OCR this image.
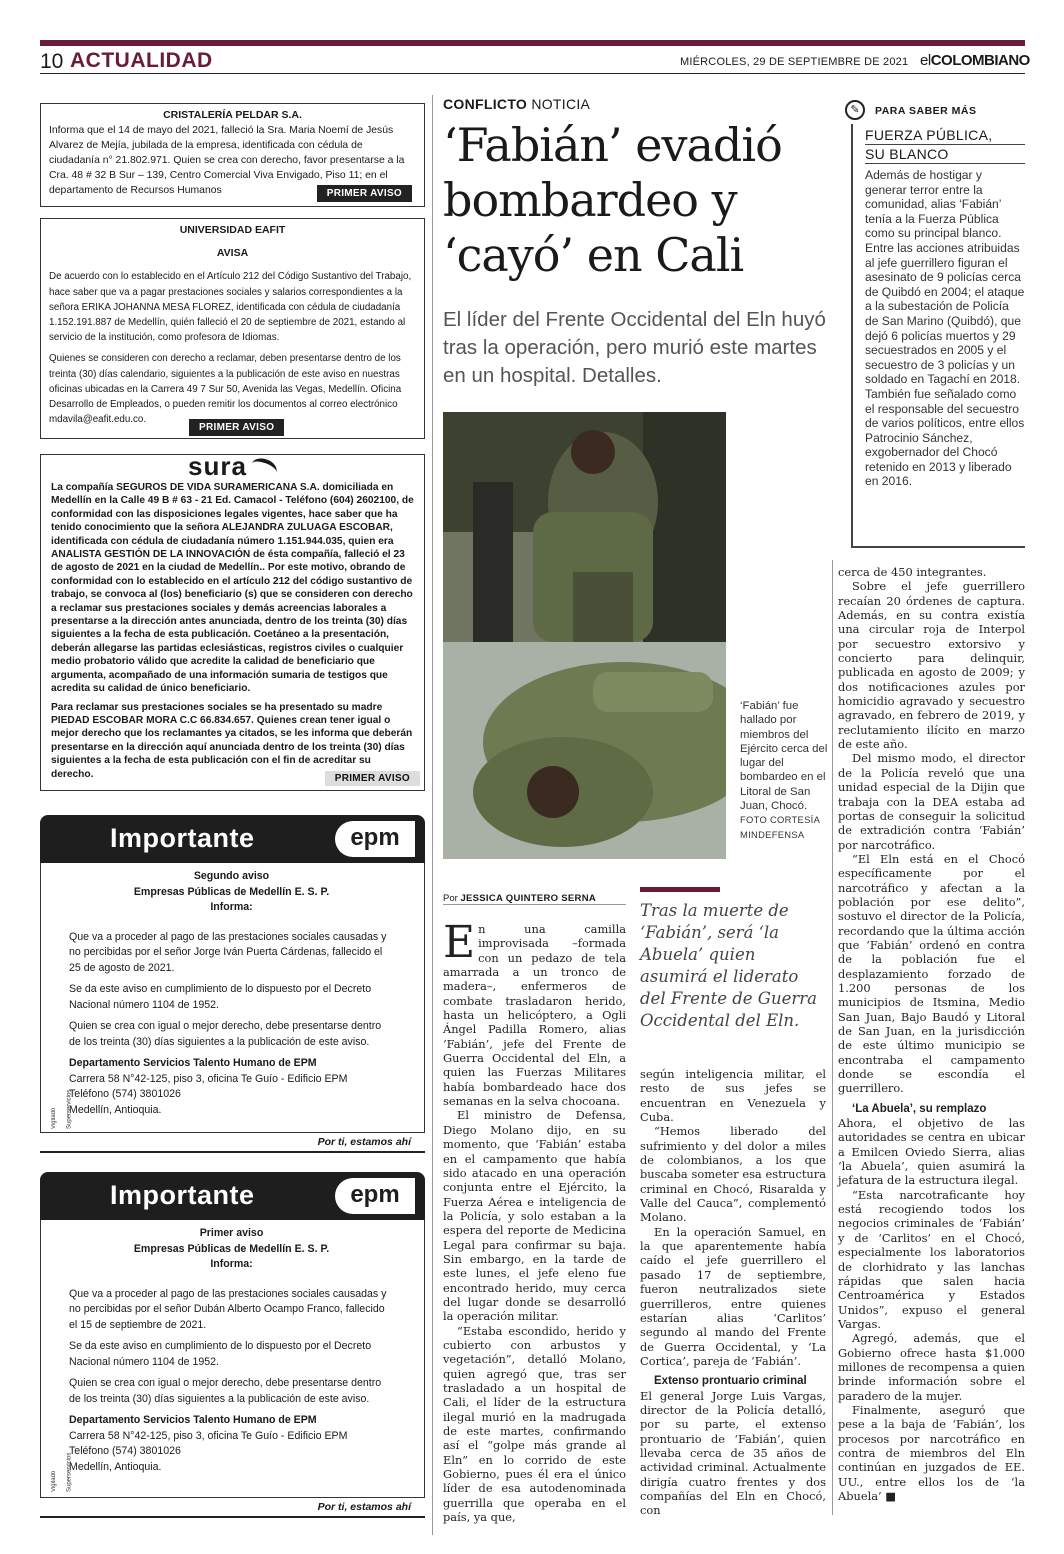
10 ACTUALIDAD	MIÉRCOLES, 29 DE SEPTIEMBRE DE 2021 elCOLOMBIANO
CRISTALERÍA PELDAR S.A.

Informa que el 14 de mayo del 2021, falleció la Sra. Maria Noemí de Jesús Alvarez de Mejía, jubilada de la empresa, identificada con cédula de ciudadanía n° 21.802.971. Quien se crea con derecho, favor presentarse a la Cra. 48 # 32 B Sur – 139, Centro Comercial Viva Envigado, Piso 11; en el departamento de Recursos Humanos	PRIMER AVISO
UNIVERSIDAD EAFIT
AVISA

De acuerdo con lo establecido en el Artículo 212 del Código Sustantivo del Trabajo, hace saber que va a pagar prestaciones sociales y salarios correspondientes a la señora ERIKA JOHANNA MESA FLOREZ, identificada con cédula de ciudadanía 1.152.191.887 de Medellín, quién falleció el 20 de septiembre de 2021, estando al servicio de la institución, como profesora de Idiomas.

Quienes se consideren con derecho a reclamar, deben presentarse dentro de los treinta (30) días calendario, siguientes a la publicación de este aviso en nuestras oficinas ubicadas en la Carrera 49 7 Sur 50, Avenida las Vegas, Medellín. Oficina Desarrollo de Empleados, o pueden remitir los documentos al correo electrónico mdavila@eafit.edu.co.

PRIMER AVISO
sura

La compañía SEGUROS DE VIDA SURAMERICANA S.A. domiciliada en Medellín en la Calle 49 B # 63 - 21 Ed. Camacol - Teléfono (604) 2602100, de conformidad con las disposiciones legales vigentes, hace saber que ha tenido conocimiento que la señora ALEJANDRA ZULUAGA ESCOBAR, identificada con cédula de ciudadanía número 1.151.944.035, quien era ANALISTA GESTIÓN DE LA INNOVACIÓN de ésta compañía, falleció el 23 de agosto de 2021 en la ciudad de Medellín.. Por este motivo, obrando de conformidad con lo establecido en el artículo 212 del código sustantivo de trabajo, se convoca al (los) beneficiario (s) que se consideren con derecho a reclamar sus prestaciones sociales y demás acreencias laborales a presentarse a la dirección antes anunciada, dentro de los treinta (30) días siguientes a la fecha de esta publicación. Coetáneo a la presentación, deberán allegarse las partidas eclesiásticas, registros civiles o cualquier medio probatorio válido que acredite la calidad de beneficiario que argumenta, acompañado de una información sumaria de testigos que acredita su calidad de único beneficiario.

Para reclamar sus prestaciones sociales se ha presentado su madre PIEDAD ESCOBAR MORA C.C 66.834.657. Quienes crean tener igual o mejor derecho que los reclamantes ya citados, se les informa que deberán presentarse en la dirección aquí anunciada dentro de los treinta (30) días siguientes a la fecha de esta publicación con el fin de acreditar su derecho.	PRIMER AVISO
Importante	epm

Segundo aviso

Empresas Públicas de Medellín E. S. P.

Informa:

Que va a proceder al pago de las prestaciones sociales causadas y no percibidas por el señor Jorge Iván Puerta Cárdenas, fallecido el 25 de agosto de 2021.

Se da este aviso en cumplimiento de lo dispuesto por el Decreto Nacional número 1104 de 1952.

Quien se crea con igual o mejor derecho, debe presentarse dentro de los treinta (30) días siguientes a la publicación de este aviso.

Departamento Servicios Talento Humano de EPM
Carrera 58 N°42-125, piso 3, oficina Te Guío - Edificio EPM
Teléfono (574) 3801026
Medellín, Antioquia.
Vigilado Superservicios
Por ti, estamos ahí
Importante	epm

Primer aviso

Empresas Públicas de Medellín E. S. P.

Informa:

Que va a proceder al pago de las prestaciones sociales causadas y no percibidas por el señor Dubán Alberto Ocampo Franco, fallecido el 15 de septiembre de 2021.

Se da este aviso en cumplimiento de lo dispuesto por el Decreto Nacional número 1104 de 1952.

Quien se crea con igual o mejor derecho, debe presentarse dentro de los treinta (30) días siguientes a la publicación de este aviso.

Departamento Servicios Talento Humano de EPM
Carrera 58 N°42-125, piso 3, oficina Te Guío - Edificio EPM
Teléfono (574) 3801026
Medellín, Antioquia.
Vigilado Superservicios
Por ti, estamos ahí
CONFLICTO NOTICIA
‘Fabián’ evadió bombardeo y ‘cayó’ en Cali
El líder del Frente Occidental del Eln huyó tras la operación, pero murió este martes en un hospital. Detalles.
‘Fabián’ fue hallado por miembros del Ejército cerca del lugar del bombardeo en el Litoral de San Juan, Chocó. FOTO CORTESÍA MINDEFENSA
Por JESSICA QUINTERO SERNA

En una camilla improvisada –formada con un pedazo de tela amarrada a un tronco de madera–, enfermeros de combate trasladaron herido, hasta un helicóptero, a Ogli Ángel Padilla Romero, alias ‘Fabián’, jefe del Frente de Guerra Occidental del Eln, a quien las Fuerzas Militares había bombardeado hace dos semanas en la selva chocoana.

El ministro de Defensa, Diego Molano dijo, en su momento, que ‘Fabián’ estaba en el campamento que había sido atacado en una operación conjunta entre el Ejército, la Fuerza Aérea e inteligencia de la Policía, y solo estaban a la espera del reporte de Medicina Legal para confirmar su baja. Sin embargo, en la tarde de este lunes, el jefe eleno fue encontrado herido, muy cerca del lugar donde se desarrolló la operación militar.

“Estaba escondido, herido y cubierto con arbustos y vegetación”, detalló Molano, quien agregó que, tras ser trasladado a un hospital de Cali, el líder de la estructura ilegal murió en la madrugada de este martes, confirmando así el “golpe más grande al Eln” en lo corrido de este Gobierno, pues él era el único líder de esa autodenominada guerrilla que operaba en el país, ya que,

Tras la muerte de ‘Fabián’, será ‘la Abuela’ quien asumirá el liderato del Frente de Guerra Occidental del Eln.

según inteligencia militar, el resto de sus jefes se encuentran en Venezuela y Cuba.

“Hemos liberado del sufrimiento y del dolor a miles de colombianos, a los que buscaba someter esa estructura criminal en Chocó, Risaralda y Valle del Cauca”, complementó Molano.

En la operación Samuel, en la que aparentemente había caído el jefe guerrillero el pasado 17 de septiembre, fueron neutralizados siete guerrilleros, entre quienes estarían alias ‘Carlitos’ segundo al mando del Frente de Guerra Occidental, y ‘La Cortica’, pareja de ‘Fabián’.

Extenso prontuario criminal

El general Jorge Luis Vargas, director de la Policía detalló, por su parte, el extenso prontuario de ‘Fabián’, quien llevaba cerca de 35 años de actividad criminal. Actualmente dirigía cuatro frentes y dos compañías del Eln en Chocó, con

cerca de 450 integrantes.

Sobre el jefe guerrillero recaían 20 órdenes de captura. Además, en su contra existía una circular roja de Interpol por secuestro extorsivo y concierto para delinquir, publicada en agosto de 2009; y dos notificaciones azules por homicidio agravado y secuestro agravado, en febrero de 2019, y reclutamiento ilícito en marzo de este año.

Del mismo modo, el director de la Policía reveló que una unidad especial de la Dijin que trabaja con la DEA estaba ad portas de conseguir la solicitud de extradición contra ‘Fabián’ por narcotráfico.

“El Eln está en el Chocó específicamente por el narcotráfico y afectan a la población por ese delito”, sostuvo el director de la Policía, recordando que la última acción que ‘Fabián’ ordenó en contra de la población fue el desplazamiento forzado de 1.200 personas de los municipios de Itsmina, Medio San Juan, Bajo Baudó y Litoral de San Juan, en la jurisdicción de este último municipio se encontraba el campamento donde se escondía el guerrillero.

‘La Abuela’, su remplazo

Ahora, el objetivo de las autoridades se centra en ubicar a Emilcen Oviedo Sierra, alias ‘la Abuela’, quien asumirá la jefatura de la estructura ilegal.

“Esta narcotraficante hoy está recogiendo todos los negocios criminales de ‘Fabián’ y de ‘Carlitos’ en el Chocó, especialmente los laboratorios de clorhidrato y las lanchas rápidas que salen hacia Centroamérica y Estados Unidos”, expuso el general Vargas.

Agregó, además, que el Gobierno ofrece hasta $1.000 millones de recompensa a quien brinde información sobre el paradero de la mujer.

Finalmente, aseguró que pese a la baja de ‘Fabián’, los procesos por narcotráfico en contra de miembros del Eln continúan en juzgados de EE. UU., entre ellos los de ‘la Abuela’ ■

✎	PARA SABER MÁS
FUERZA PÚBLICA,
SU BLANCO

Además de hostigar y generar terror entre la comunidad, alias ‘Fabián’ tenía a la Fuerza Pública como su principal blanco.

Entre las acciones atribuidas al jefe guerrillero figuran el asesinato de 9 policías cerca de Quibdó en 2004; el ataque a la subestación de Policía de San Marino (Quibdó), que dejó 6 policías muertos y 29 secuestrados en 2005 y el secuestro de 3 policías y un soldado en Tagachí en 2018.

También fue señalado como el responsable del secuestro de varios políticos, entre ellos Patrocinio Sánchez, exgobernador del Chocó retenido en 2013 y liberado en 2016.
